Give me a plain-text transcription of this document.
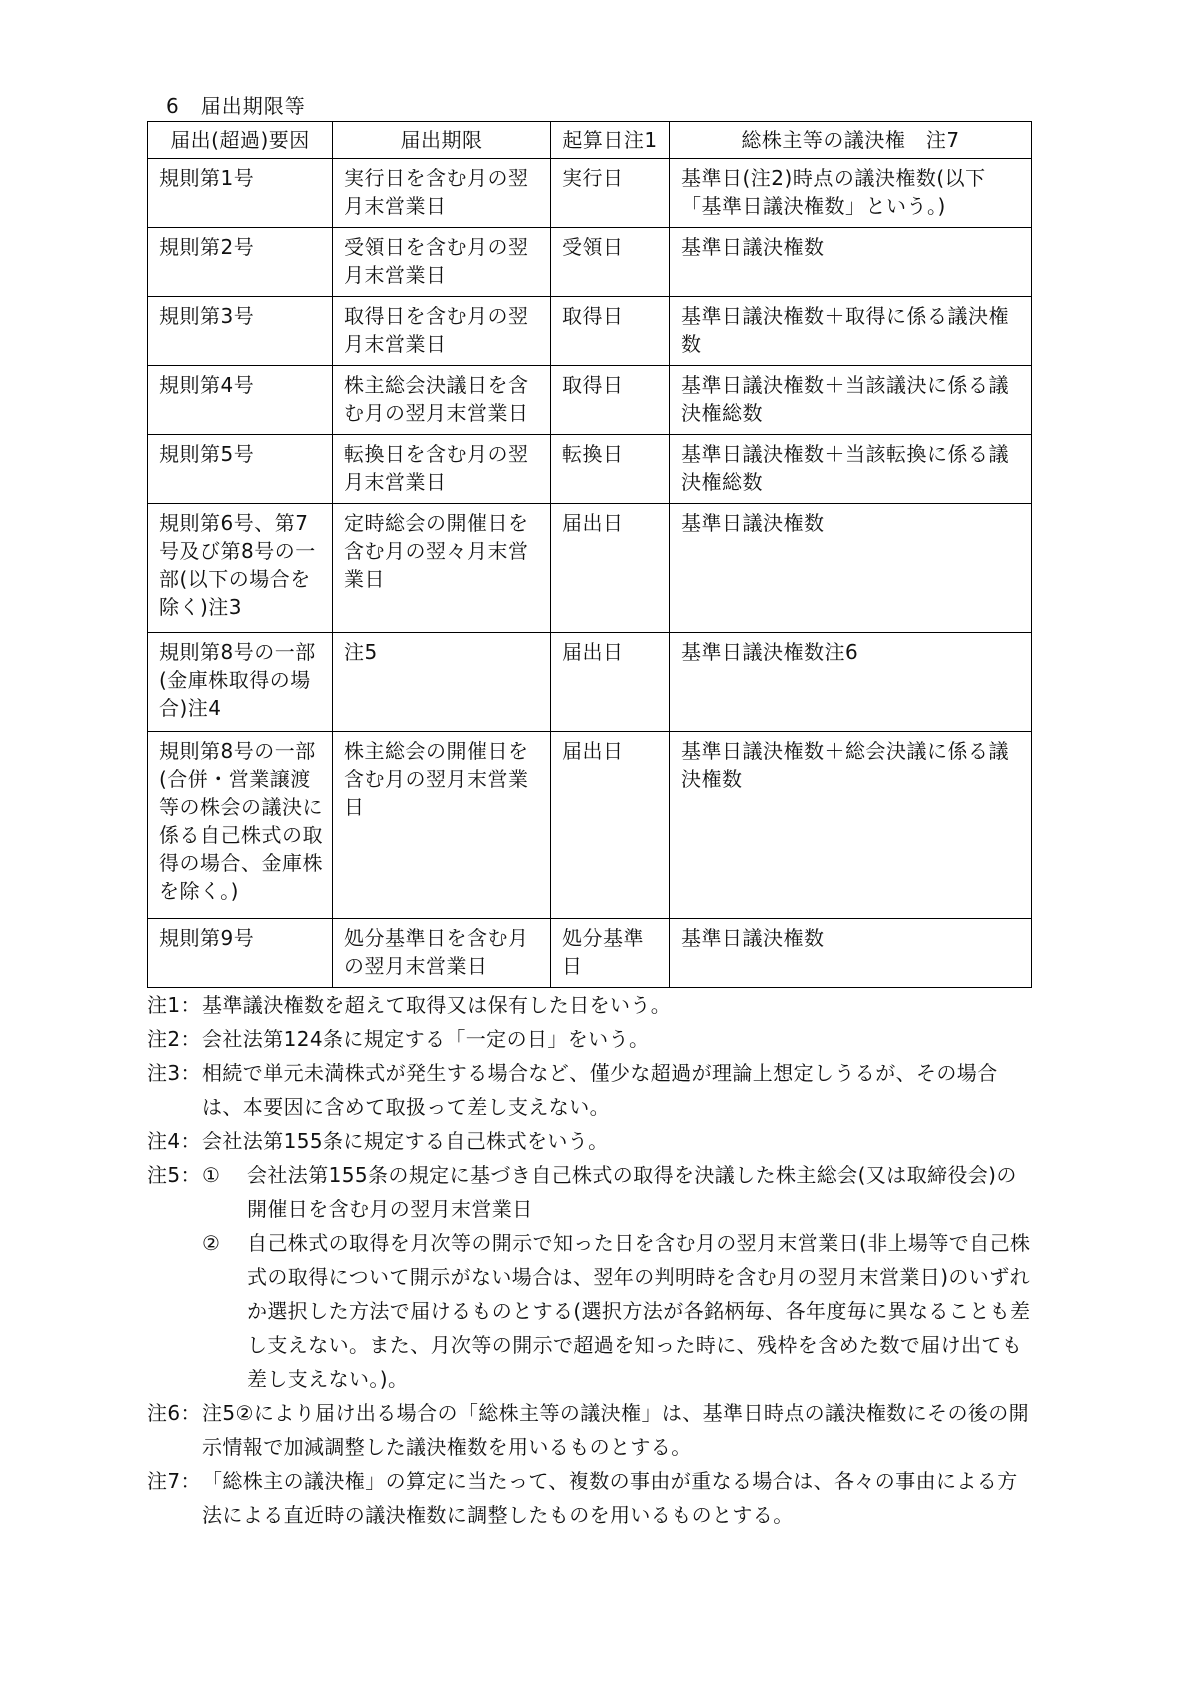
6　届出期限等
届出(超過)要因	届出期限	起算日注1	総株主等の議決権　注7
規則第1号	実行日を含む月の翌月末営業日	実行日	基準日(注2)時点の議決権数(以下「基準日議決権数」という。)
規則第2号	受領日を含む月の翌月末営業日	受領日	基準日議決権数
規則第3号	取得日を含む月の翌月末営業日	取得日	基準日議決権数＋取得に係る議決権数
規則第4号	株主総会決議日を含む月の翌月末営業日	取得日	基準日議決権数＋当該議決に係る議決権総数
規則第5号	転換日を含む月の翌月末営業日	転換日	基準日議決権数＋当該転換に係る議決権総数
規則第6号、第7号及び第8号の一部(以下の場合を除く)注3	定時総会の開催日を含む月の翌々月末営業日	届出日	基準日議決権数
規則第8号の一部(金庫株取得の場合)注4	注5	届出日	基準日議決権数注6
規則第8号の一部(合併・営業譲渡等の株会の議決に係る自己株式の取得の場合、金庫株を除く。)	株主総会の開催日を含む月の翌月末営業日	届出日	基準日議決権数＋総会決議に係る議決権数
規則第9号	処分基準日を含む月の翌月末営業日	処分基準日	基準日議決権数
注1： 基準議決権数を超えて取得又は保有した日をいう。
注2： 会社法第124条に規定する「一定の日」をいう。
注3： 相続で単元未満株式が発生する場合など、僅少な超過が理論上想定しうるが、その場合は、本要因に含めて取扱って差し支えない。
注4： 会社法第155条に規定する自己株式をいう。
注5： ①	会社法第155条の規定に基づき自己株式の取得を決議した株主総会(又は取締役会)の開催日を含む月の翌月末営業日
②	自己株式の取得を月次等の開示で知った日を含む月の翌月末営業日(非上場等で自己株式の取得について開示がない場合は、翌年の判明時を含む月の翌月末営業日)のいずれか選択した方法で届けるものとする(選択方法が各銘柄毎、各年度毎に異なることも差し支えない。また、月次等の開示で超過を知った時に、残枠を含めた数で届け出ても差し支えない。)。
注6： 注5②により届け出る場合の「総株主等の議決権」は、基準日時点の議決権数にその後の開示情報で加減調整した議決権数を用いるものとする。
注7： 「総株主の議決権」の算定に当たって、複数の事由が重なる場合は、各々の事由による方法による直近時の議決権数に調整したものを用いるものとする。
